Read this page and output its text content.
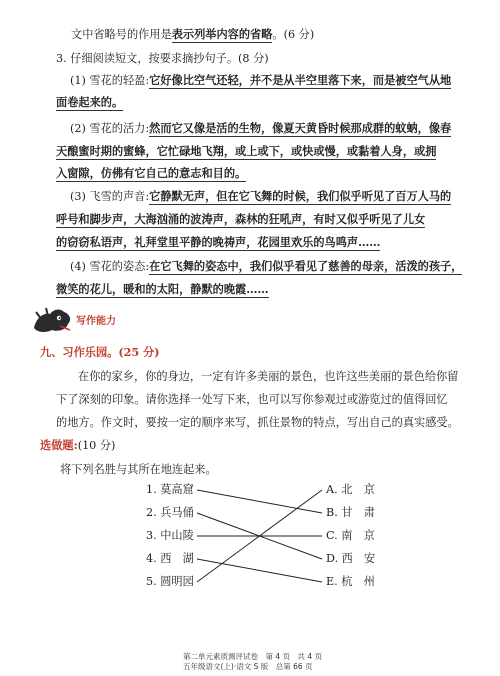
文中省略号的作用是表示列举内容的省略。(6 分)
3. 仔细阅读短文，按要求摘抄句子。(8 分)
(1) 雪花的轻盈:它好像比空气还轻，并不是从半空里落下来，而是被空气从地
面卷起来的。
(2) 雪花的活力:然而它又像是活的生物，像夏天黄昏时候那成群的蚊蚋，像春
天酿蜜时期的蜜蜂，它忙碌地飞翔，或上或下，或快或慢，或黏着人身，或拥
入窗隙，仿佛有它自己的意志和目的。
(3) 飞雪的声音:它静默无声，但在它飞舞的时候，我们似乎听见了百万人马的
呼号和脚步声，大海汹涌的波涛声，森林的狂吼声，有时又似乎听见了儿女
的窃窃私语声，礼拜堂里平静的晚祷声，花园里欢乐的鸟鸣声……
(4) 雪花的姿态:在它飞舞的姿态中，我们似乎看见了慈善的母亲，活泼的孩子，
微笑的花儿，暖和的太阳，静默的晚霞……
写作能力
九、习作乐园。(25 分)
在你的家乡，你的身边，一定有许多美丽的景色，也许这些美丽的景色给你留
下了深刻的印象。请你选择一处写下来，也可以写你参观过或游览过的值得回忆
的地方。作文时，要按一定的顺序来写，抓住景物的特点，写出自己的真实感受。
选做题:(10 分)
将下列名胜与其所在地连起来。
1. 莫高窟
2. 兵马俑
3. 中山陵
4. 西　湖
5. 圆明园
A. 北　京
B. 甘　肃
C. 南　京
D. 西　安
E. 杭　州
第二单元素质测评试卷　第 4 页　共 4 页
五年级语文(上)·语文 S 版　总第 66 页
